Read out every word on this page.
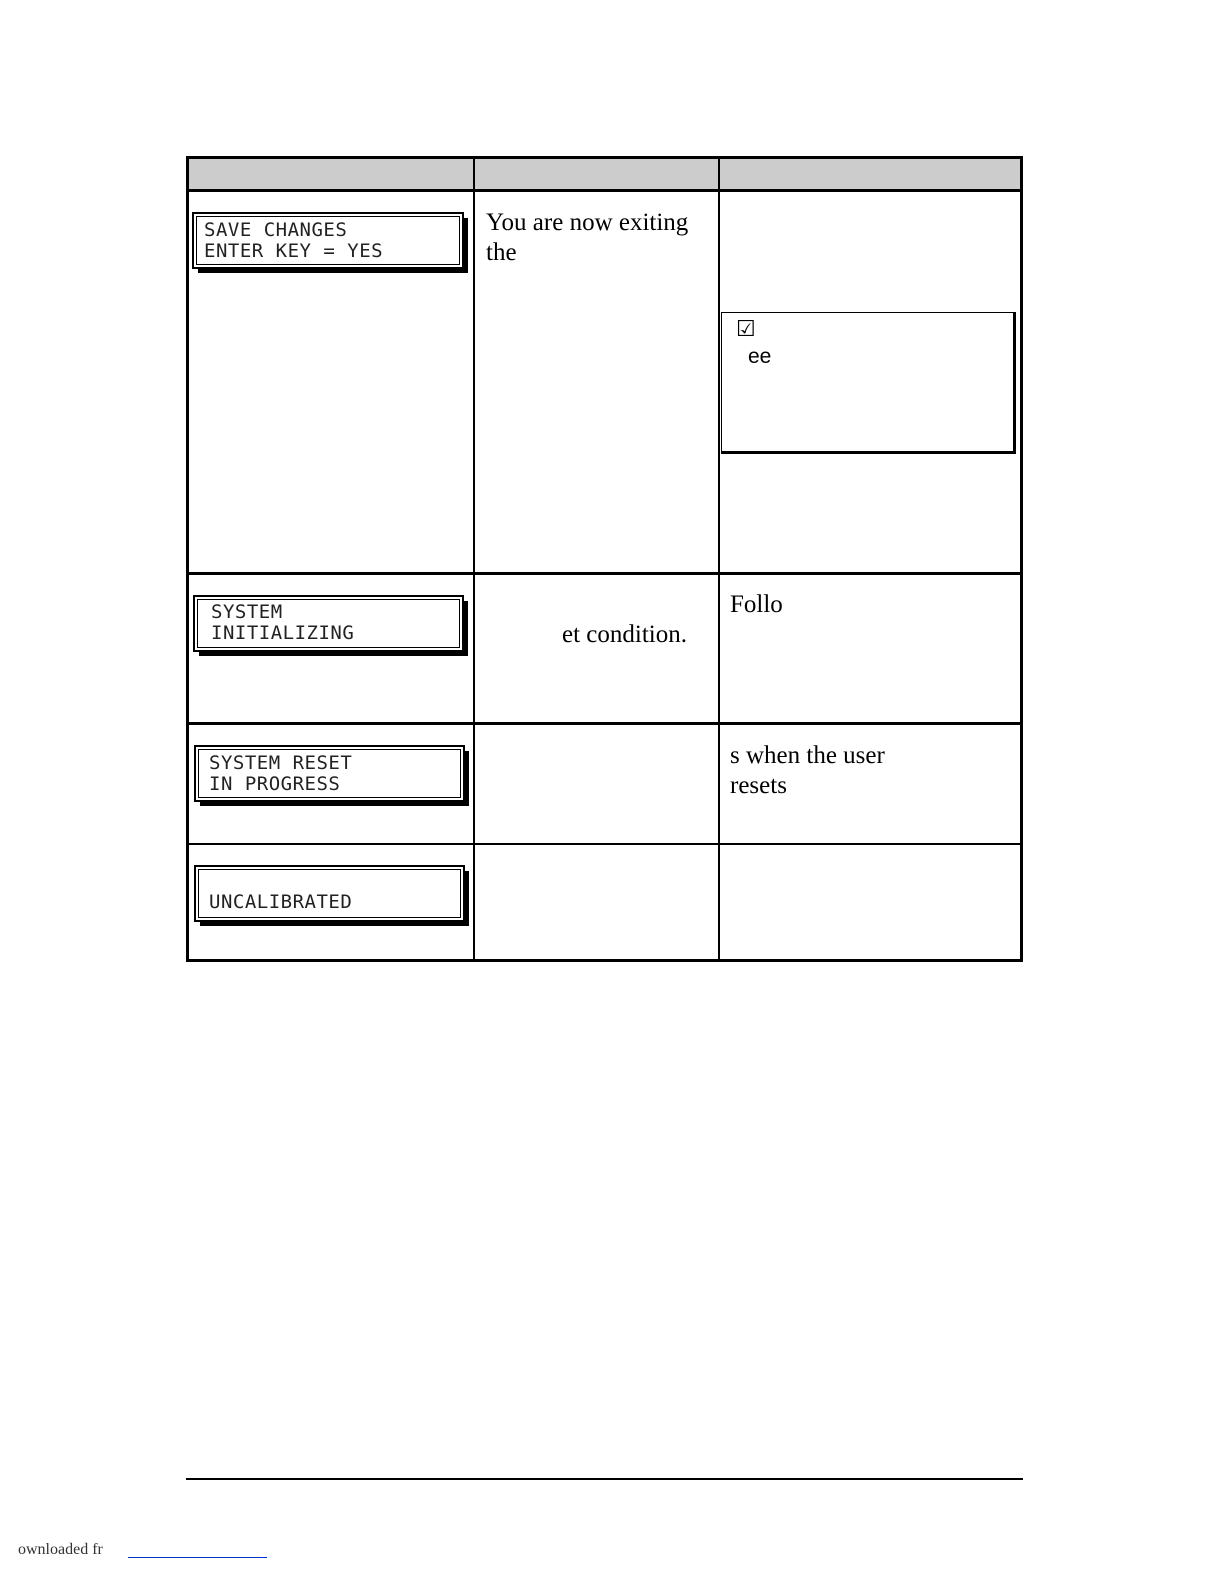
SAVE CHANGES
ENTER KEY = YES
You are now exiting
the
☑
ee
SYSTEM
INITIALIZING	et condition.
Follo
SYSTEM RESET
IN PROGRESS
s when the user
resets
UNCALIBRATED
ownloaded fr
